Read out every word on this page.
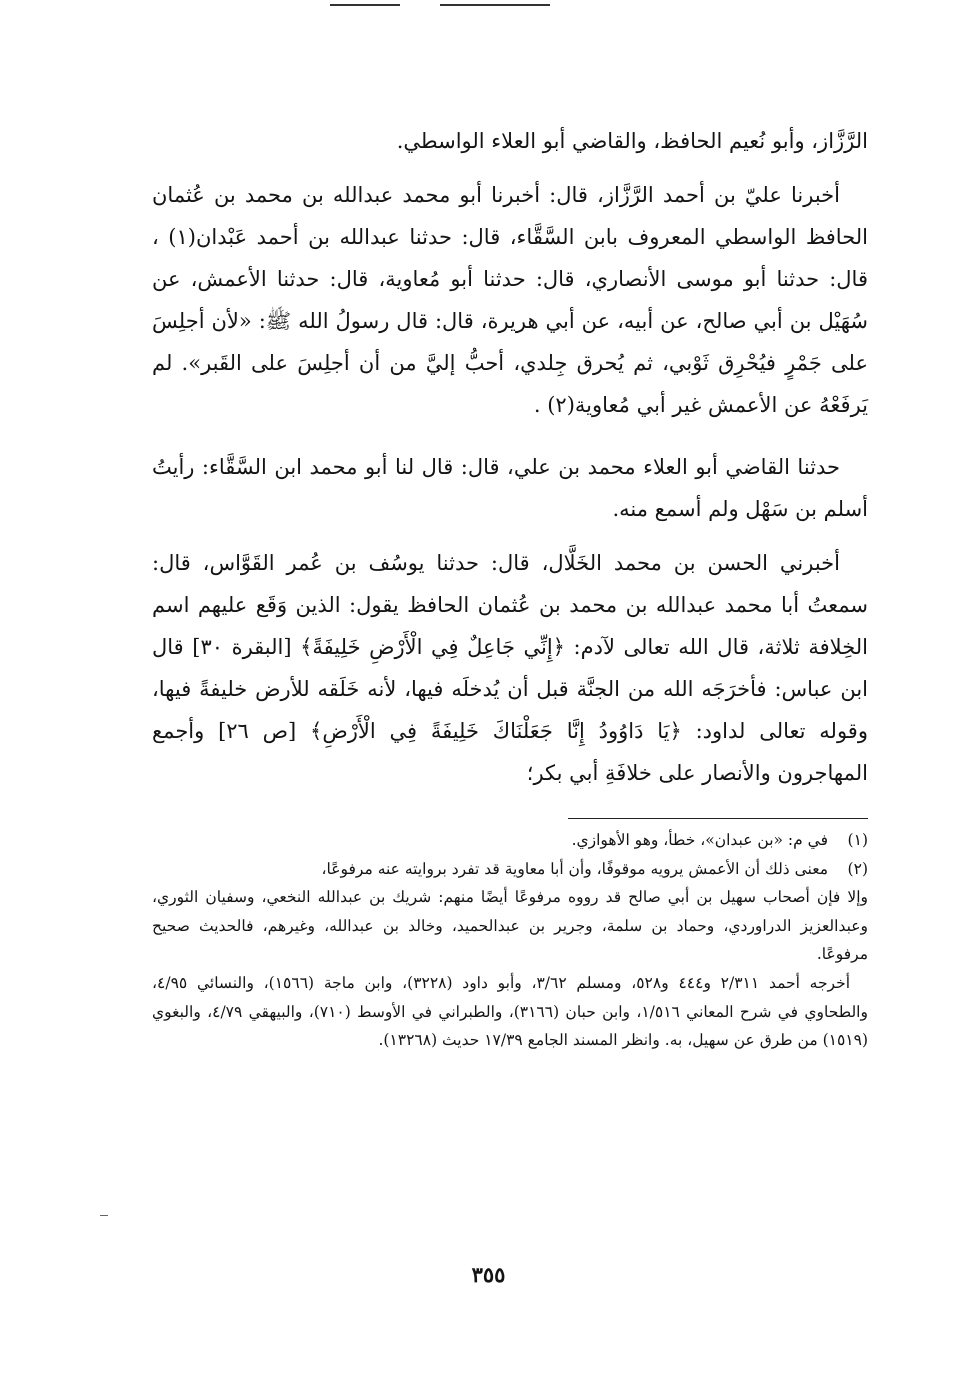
الرَّزَّاز، وأبو نُعيم الحافظ، والقاضي أبو العلاء الواسطي.

أخبرنا عليّ بن أحمد الرَّزَّاز، قال: أخبرنا أبو محمد عبدالله بن محمد بن عُثمان الحافظ الواسطي المعروف بابن السَّقَّاء، قال: حدثنا عبدالله بن أحمد عَبْدان(١) ، قال: حدثنا أبو موسى الأنصاري، قال: حدثنا أبو مُعاوية، قال: حدثنا الأعمش، عن سُهَيْل بن أبي صالح، عن أبيه، عن أبي هريرة، قال: قال رسولُ الله ﷺ: «لأن أجلِسَ على جَمْرٍ فيُحْرِق ثَوْبي، ثم يُحرق جِلدي، أحبُّ إليَّ من أن أجلِسَ على القَبر». لم يَرفَعْهُ عن الأعمش غير أبي مُعاوية(٢) .

حدثنا القاضي أبو العلاء محمد بن علي، قال: قال لنا أبو محمد ابن السَّقَّاء: رأيتُ أسلم بن سَهْل ولم أسمع منه.

أخبرني الحسن بن محمد الخَلَّال، قال: حدثنا يوسُف بن عُمر القَوَّاس، قال: سمعتُ أبا محمد عبدالله بن محمد بن عُثمان الحافظ يقول: الذين وَقَع عليهم اسم الخِلافة ثلاثة، قال الله تعالى لآدم: ﴿إِنِّي جَاعِلٌ فِي الْأَرْضِ خَلِيفَةً﴾ [البقرة ٣٠] قال ابن عباس: فأخرَجَه الله من الجنَّة قبل أن يُدخلَه فيها، لأنه خَلَقه للأرض خليفةً فيها، وقوله تعالى لداود: ﴿يَا دَاوُودُ إِنَّا جَعَلْنَاكَ خَلِيفَةً فِي الْأَرْضِ﴾ [ص ٢٦] وأجمع المهاجرون والأنصار على خلافَةِ أبي بكر؛

(١)
في م: «بن عبدان»، خطأ، وهو الأهوازي.
(٢)
معنى ذلك أن الأعمش يرويه موقوفًا، وأن أبا معاوية قد تفرد بروايته عنه مرفوعًا،

وإلا فإن أصحاب سهيل بن أبي صالح قد رووه مرفوعًا أيضًا منهم: شريك بن عبدالله النخعي، وسفيان الثوري، وعبدالعزيز الدراوردي، وحماد بن سلمة، وجرير بن عبدالحميد، وخالد بن عبدالله، وغيرهم، فالحديث صحيح مرفوعًا.

أخرجه أحمد ٢/٣١١ و٤٤٤ و٥٢٨، ومسلم ٣/٦٢، وأبو داود (٣٢٢٨)، وابن ماجة (١٥٦٦)، والنسائي ٤/٩٥، والطحاوي في شرح المعاني ١/٥١٦، وابن حبان (٣١٦٦)، والطبراني في الأوسط (٧١٠)، والبيهقي ٤/٧٩، والبغوي (١٥١٩) من طرق عن سهيل، به. وانظر المسند الجامع ١٧/٣٩ حديث (١٣٢٦٨).

٣٥٥
